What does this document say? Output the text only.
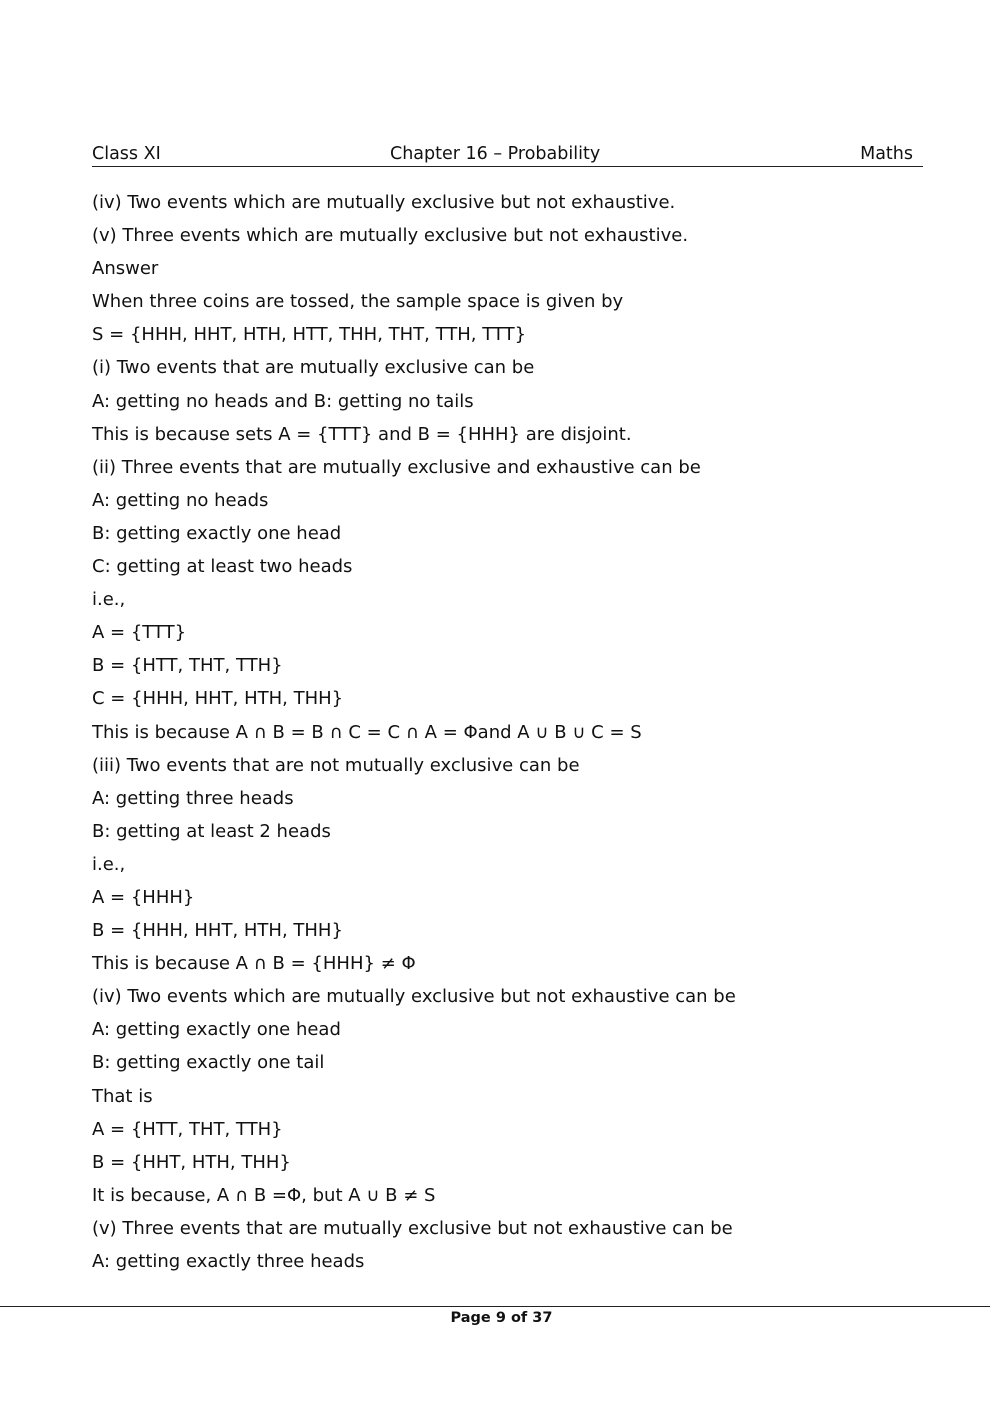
Class XI	Chapter 16 – Probability	Maths
(iv) Two events which are mutually exclusive but not exhaustive.
(v) Three events which are mutually exclusive but not exhaustive.
Answer
When three coins are tossed, the sample space is given by
S = {HHH, HHT, HTH, HTT, THH, THT, TTH, TTT}
(i) Two events that are mutually exclusive can be
A: getting no heads and B: getting no tails
This is because sets A = {TTT} and B = {HHH} are disjoint.
(ii) Three events that are mutually exclusive and exhaustive can be
A: getting no heads
B: getting exactly one head
C: getting at least two heads
i.e.,
A = {TTT}
B = {HTT, THT, TTH}
C = {HHH, HHT, HTH, THH}
This is because A ∩ B = B ∩ C = C ∩ A = Φand A ∪ B ∪ C = S
(iii) Two events that are not mutually exclusive can be
A: getting three heads
B: getting at least 2 heads
i.e.,
A = {HHH}
B = {HHH, HHT, HTH, THH}
This is because A ∩ B = {HHH} ≠ Φ
(iv) Two events which are mutually exclusive but not exhaustive can be
A: getting exactly one head
B: getting exactly one tail
That is
A = {HTT, THT, TTH}
B = {HHT, HTH, THH}
It is because, A ∩ B =Φ, but A ∪ B ≠ S
(v) Three events that are mutually exclusive but not exhaustive can be
A: getting exactly three heads
Page 9 of 37
